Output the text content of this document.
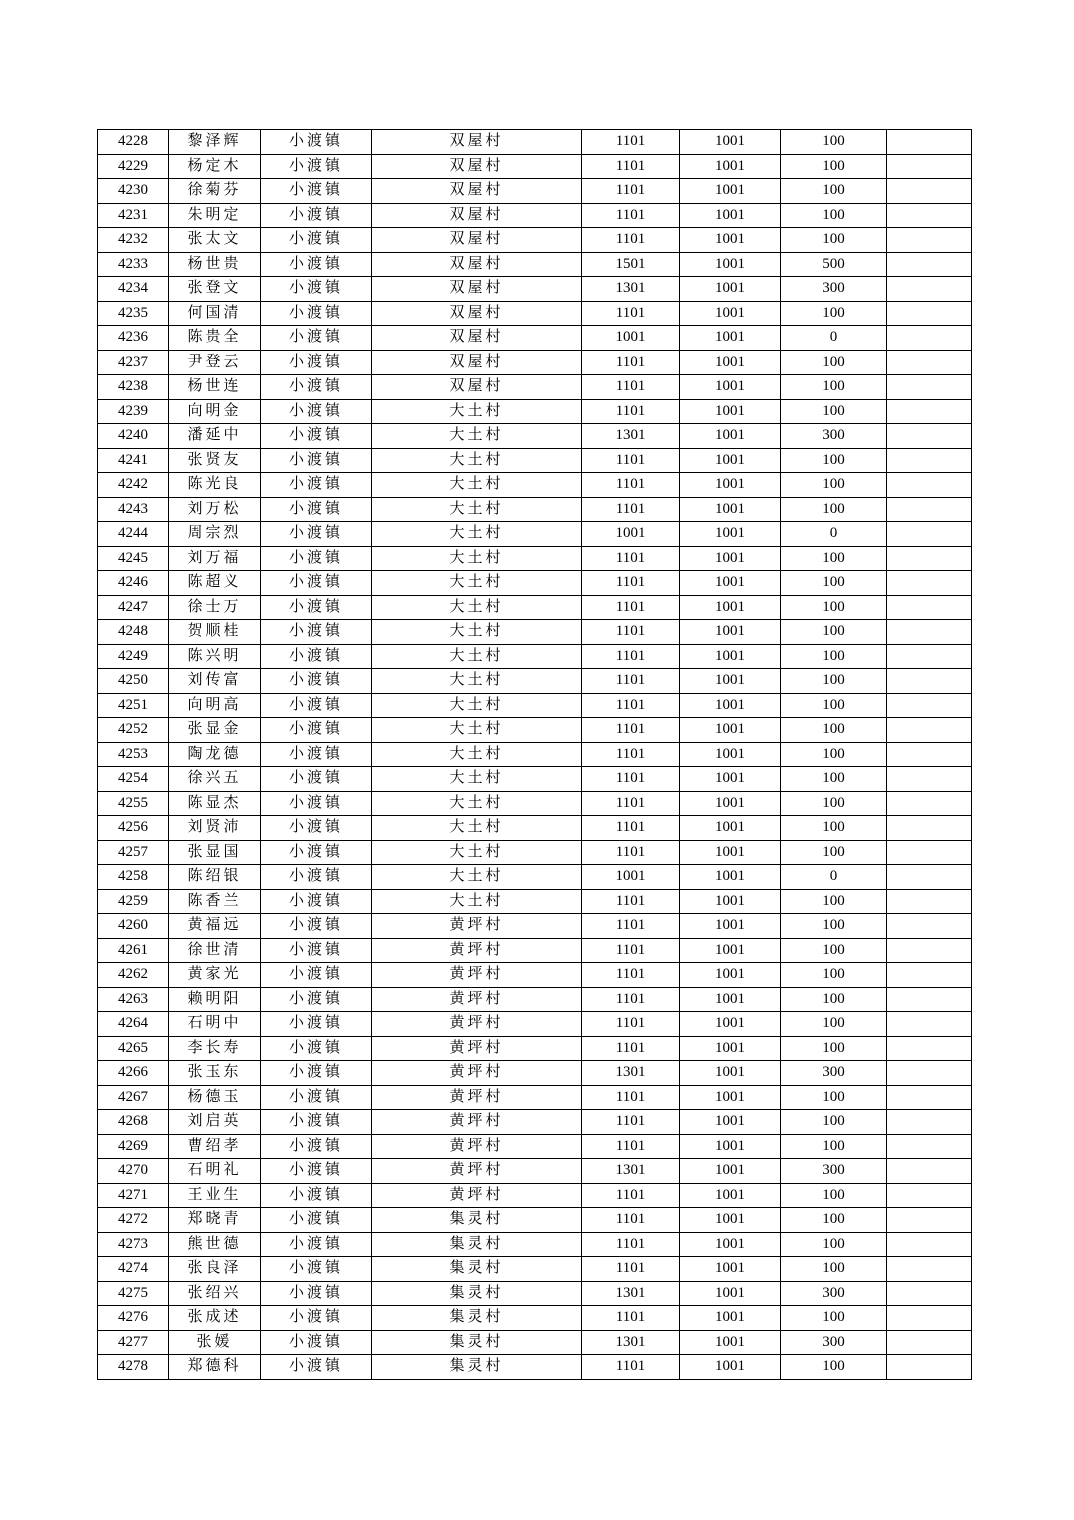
4228	黎泽辉	小渡镇	双屋村	1101	1001	100	
4229	杨定木	小渡镇	双屋村	1101	1001	100	
4230	徐菊芬	小渡镇	双屋村	1101	1001	100	
4231	朱明定	小渡镇	双屋村	1101	1001	100	
4232	张太文	小渡镇	双屋村	1101	1001	100	
4233	杨世贵	小渡镇	双屋村	1501	1001	500	
4234	张登文	小渡镇	双屋村	1301	1001	300	
4235	何国清	小渡镇	双屋村	1101	1001	100	
4236	陈贵全	小渡镇	双屋村	1001	1001	0	
4237	尹登云	小渡镇	双屋村	1101	1001	100	
4238	杨世连	小渡镇	双屋村	1101	1001	100	
4239	向明金	小渡镇	大土村	1101	1001	100	
4240	潘延中	小渡镇	大土村	1301	1001	300	
4241	张贤友	小渡镇	大土村	1101	1001	100	
4242	陈光良	小渡镇	大土村	1101	1001	100	
4243	刘万松	小渡镇	大土村	1101	1001	100	
4244	周宗烈	小渡镇	大土村	1001	1001	0	
4245	刘万福	小渡镇	大土村	1101	1001	100	
4246	陈超义	小渡镇	大土村	1101	1001	100	
4247	徐士万	小渡镇	大土村	1101	1001	100	
4248	贺顺桂	小渡镇	大土村	1101	1001	100	
4249	陈兴明	小渡镇	大土村	1101	1001	100	
4250	刘传富	小渡镇	大土村	1101	1001	100	
4251	向明高	小渡镇	大土村	1101	1001	100	
4252	张显金	小渡镇	大土村	1101	1001	100	
4253	陶龙德	小渡镇	大土村	1101	1001	100	
4254	徐兴五	小渡镇	大土村	1101	1001	100	
4255	陈显杰	小渡镇	大土村	1101	1001	100	
4256	刘贤沛	小渡镇	大土村	1101	1001	100	
4257	张显国	小渡镇	大土村	1101	1001	100	
4258	陈绍银	小渡镇	大土村	1001	1001	0	
4259	陈香兰	小渡镇	大土村	1101	1001	100	
4260	黄福远	小渡镇	黄坪村	1101	1001	100	
4261	徐世清	小渡镇	黄坪村	1101	1001	100	
4262	黄家光	小渡镇	黄坪村	1101	1001	100	
4263	赖明阳	小渡镇	黄坪村	1101	1001	100	
4264	石明中	小渡镇	黄坪村	1101	1001	100	
4265	李长寿	小渡镇	黄坪村	1101	1001	100	
4266	张玉东	小渡镇	黄坪村	1301	1001	300	
4267	杨德玉	小渡镇	黄坪村	1101	1001	100	
4268	刘启英	小渡镇	黄坪村	1101	1001	100	
4269	曹绍孝	小渡镇	黄坪村	1101	1001	100	
4270	石明礼	小渡镇	黄坪村	1301	1001	300	
4271	王业生	小渡镇	黄坪村	1101	1001	100	
4272	郑晓青	小渡镇	集灵村	1101	1001	100	
4273	熊世德	小渡镇	集灵村	1101	1001	100	
4274	张良泽	小渡镇	集灵村	1101	1001	100	
4275	张绍兴	小渡镇	集灵村	1301	1001	300	
4276	张成述	小渡镇	集灵村	1101	1001	100	
4277	张媛	小渡镇	集灵村	1301	1001	300	
4278	郑德科	小渡镇	集灵村	1101	1001	100	
